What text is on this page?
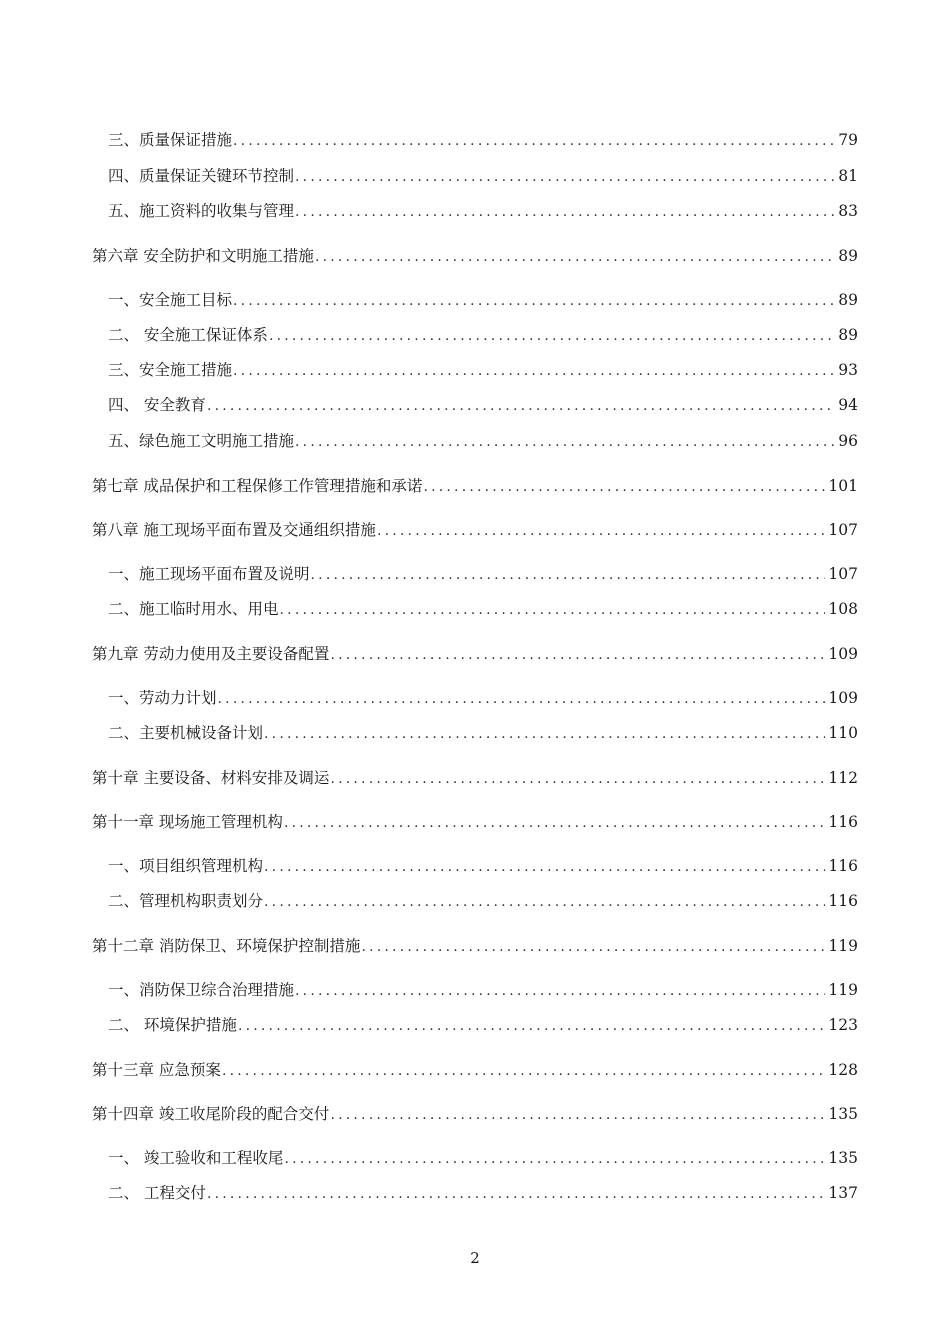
三、质量保证措施 .....	79
四、质量保证关键环节控制 .....	81
五、施工资料的收集与管理 .....	83
第六章 安全防护和文明施工措施 .....	89
一、安全施工目标 .....	89
二、 安全施工保证体系 .....	89
三、安全施工措施 .....	93
四、 安全教育 .....	94
五、绿色施工文明施工措施 .....	96
第七章 成品保护和工程保修工作管理措施和承诺 .....	101
第八章 施工现场平面布置及交通组织措施 .....	107
一、施工现场平面布置及说明 .....	107
二、施工临时用水、用电 .....	108
第九章 劳动力使用及主要设备配置 .....	109
一、劳动力计划 .....	109
二、主要机械设备计划 .....	110
第十章 主要设备、材料安排及调运 .....	112
第十一章 现场施工管理机构 .....	116
一、项目组织管理机构 .....	116
二、管理机构职责划分 .....	116
第十二章 消防保卫、环境保护控制措施 .....	119
一、消防保卫综合治理措施 .....	119
二、 环境保护措施 .....	123
第十三章 应急预案 .....	128
第十四章 竣工收尾阶段的配合交付 .....	135
一、 竣工验收和工程收尾 .....	135
二、 工程交付 .....	137
2
